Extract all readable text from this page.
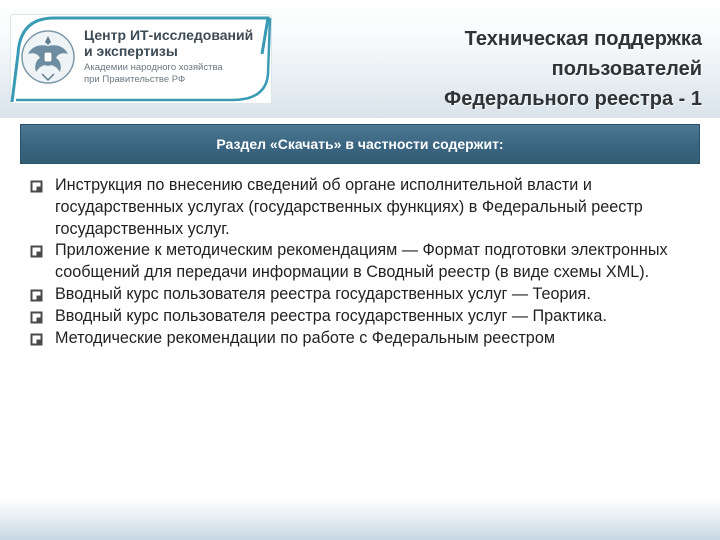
Центр ИТ-исследований
и экспертизы
Академии народного хозяйства
при Правительстве РФ
Техническая поддержка
пользователей
Федерального реестра - 1
Раздел «Скачать» в частности содержит:
Инструкция по внесению сведений об органе исполнительной власти и государственных услугах (государственных функциях) в Федеральный реестр государственных услуг.
Приложение к методическим рекомендациям — Формат подготовки электронных сообщений для передачи информации в Сводный реестр (в виде схемы XML).
Вводный курс пользователя реестра государственных услуг — Теория.
Вводный курс пользователя реестра государственных услуг — Практика.
Методические рекомендации по работе с Федеральным реестром
